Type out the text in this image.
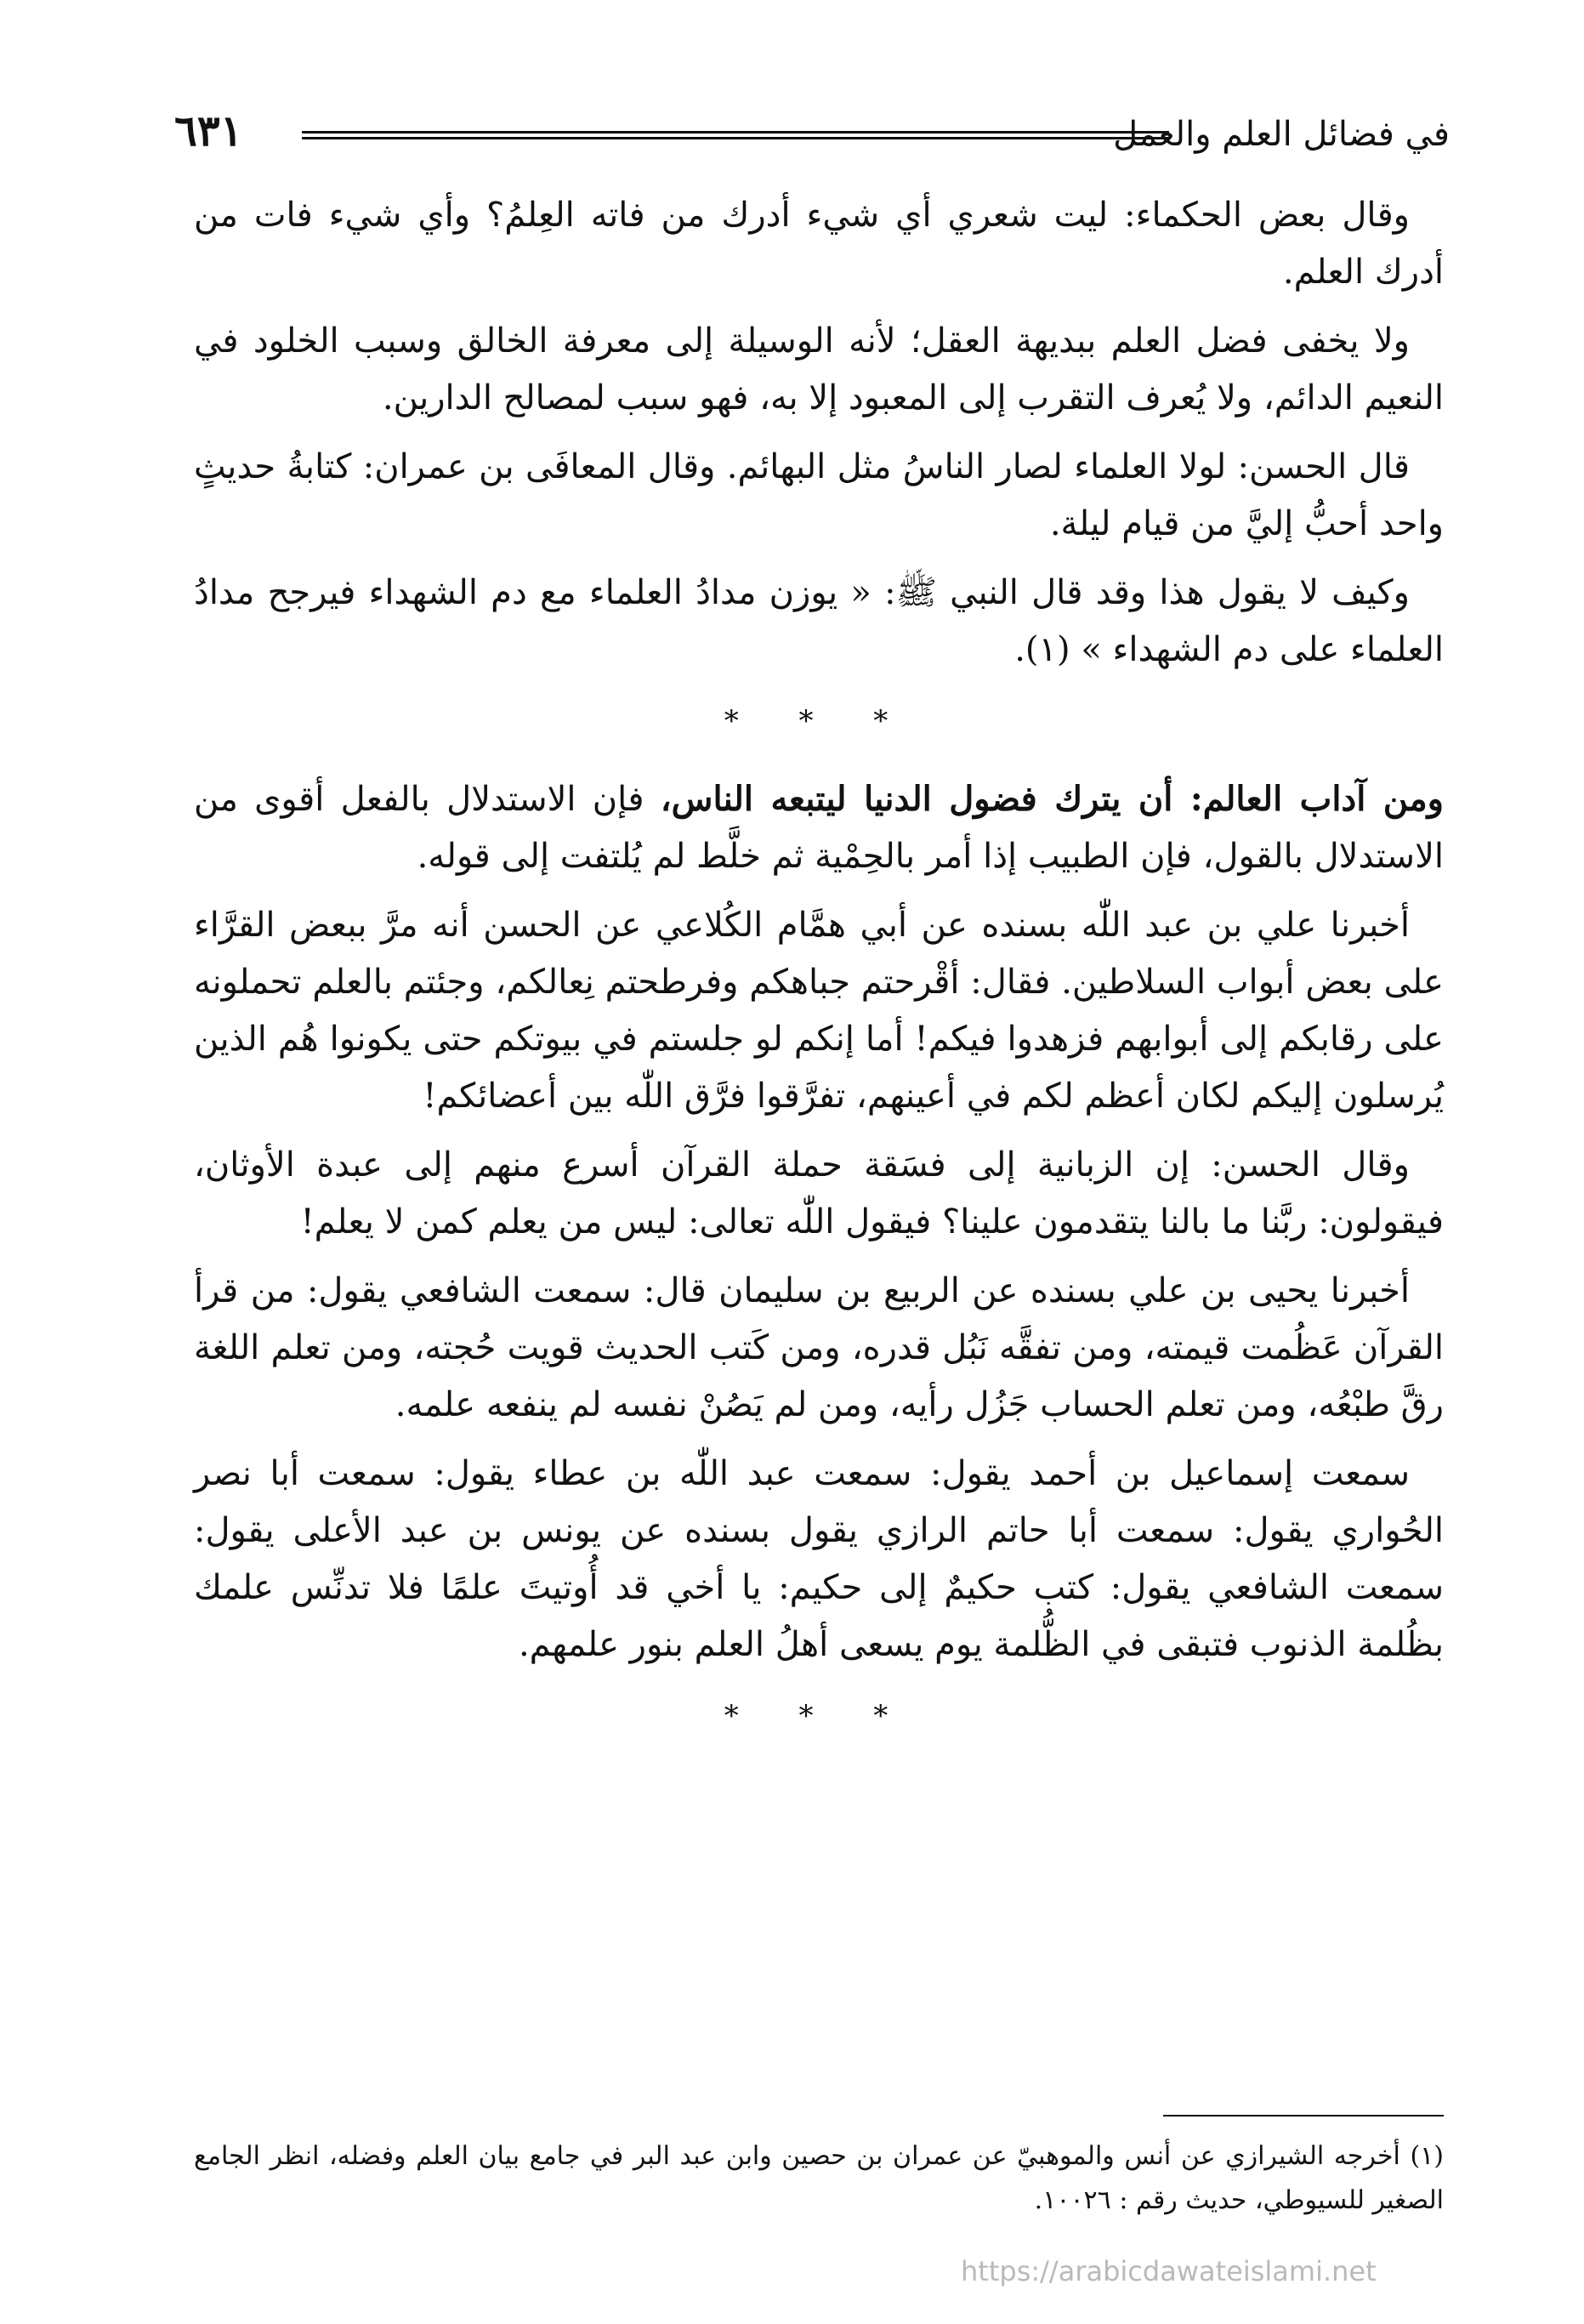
في فضائل العلم والعمل
٦٣١

وقال بعض الحكماء: ليت شعري أي شيء أدرك من فاته العِلمُ؟ وأي شيء فات من أدرك العلم.

ولا يخفى فضل العلم ببديهة العقل؛ لأنه الوسيلة إلى معرفة الخالق وسبب الخلود في النعيم الدائم، ولا يُعرف التقرب إلى المعبود إلا به، فهو سبب لمصالح الدارين.

قال الحسن: لولا العلماء لصار الناسُ مثل البهائم. وقال المعافَى بن عمران: كتابةُ حديثٍ واحد أحبُّ إليَّ من قيام ليلة.

وكيف لا يقول هذا وقد قال النبي ﷺ: « يوزن مدادُ العلماء مع دم الشهداء فيرجح مدادُ العلماء على دم الشهداء » (١).

* * *

ومن آداب العالم: أن يترك فضول الدنيا ليتبعه الناس، فإن الاستدلال بالفعل أقوى من الاستدلال بالقول، فإن الطبيب إذا أمر بالحِمْية ثم خلَّط لم يُلتفت إلى قوله.

أخبرنا علي بن عبد اللّٰه بسنده عن أبي همَّام الكُلاعي عن الحسن أنه مرَّ ببعض القرَّاء على بعض أبواب السلاطين. فقال: أقْرحتم جباهكم وفرطحتم نِعالكم، وجئتم بالعلم تحملونه على رقابكم إلى أبوابهم فزهدوا فيكم! أما إنكم لو جلستم في بيوتكم حتى يكونوا هُم الذين يُرسلون إليكم لكان أعظم لكم في أعينهم، تفرَّقوا فرَّق اللّٰه بين أعضائكم!

وقال الحسن: إن الزبانية إلى فسَقة حملة القرآن أسرع منهم إلى عبدة الأوثان، فيقولون: ربَّنا ما بالنا يتقدمون علينا؟ فيقول اللّٰه تعالى: ليس من يعلم كمن لا يعلم!

أخبرنا يحيى بن علي بسنده عن الربيع بن سليمان قال: سمعت الشافعي يقول: من قرأ القرآن عَظُمت قيمته، ومن تفقَّه نَبُل قدره، ومن كَتب الحديث قويت حُجته، ومن تعلم اللغة رقَّ طبْعُه، ومن تعلم الحساب جَزُل رأيه، ومن لم يَصُنْ نفسه لم ينفعه علمه.

سمعت إسماعيل بن أحمد يقول: سمعت عبد اللّٰه بن عطاء يقول: سمعت أبا نصر الحُواري يقول: سمعت أبا حاتم الرازي يقول بسنده عن يونس بن عبد الأعلى يقول: سمعت الشافعي يقول: كتب حكيمٌ إلى حكيم: يا أخي قد أُوتيتَ علمًا فلا تدنِّس علمك بظُلمة الذنوب فتبقى في الظُّلمة يوم يسعى أهلُ العلم بنور علمهم.

* * *
(١) أخرجه الشيرازي عن أنس والموهبيّ عن عمران بن حصين وابن عبد البر في جامع بيان العلم وفضله، انظر الجامع الصغير للسيوطي، حديث رقم : ١٠٠٢٦.
https://arabicdawateislami.net
